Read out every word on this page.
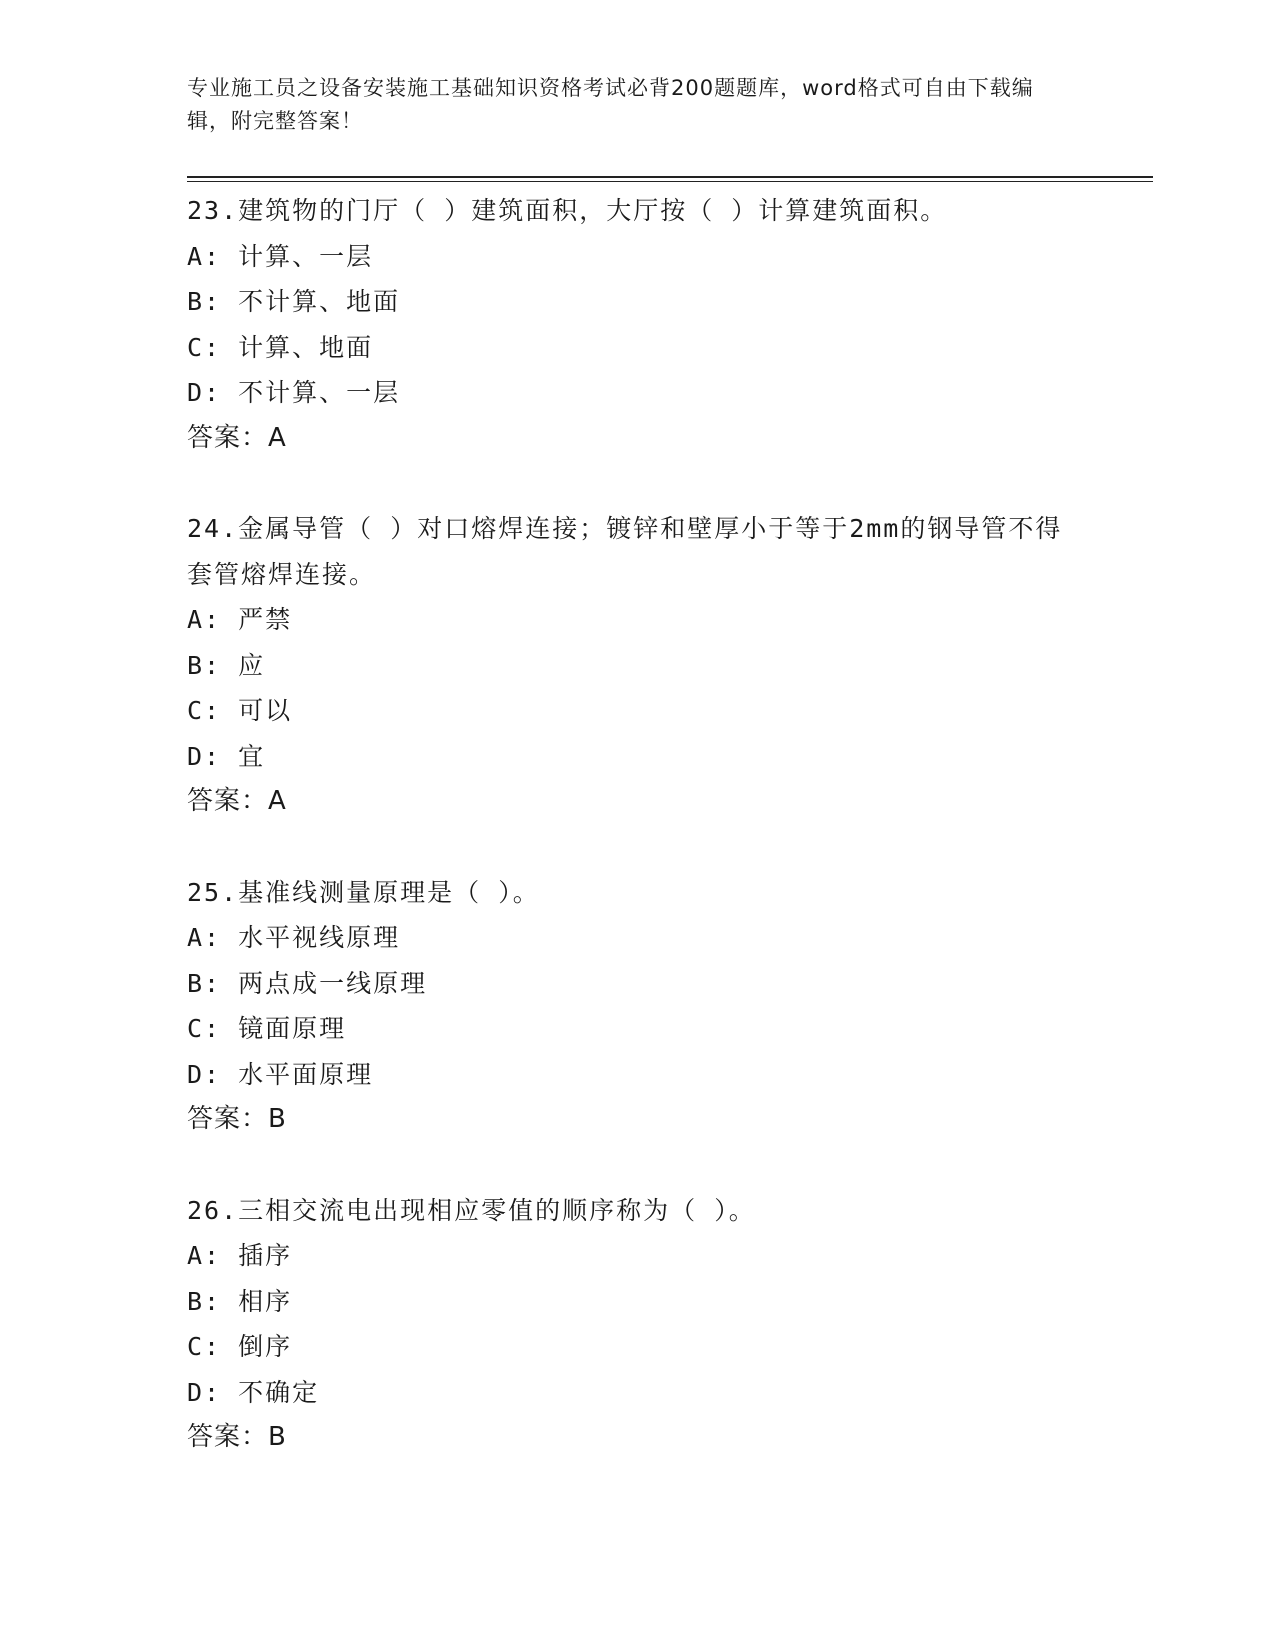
专业施工员之设备安装施工基础知识资格考试必背200题题库，word格式可自由下载编辑，附完整答案！
23.建筑物的门厅（ ）建筑面积，大厅按（ ）计算建筑面积。
A: 计算、一层
B: 不计算、地面
C: 计算、地面
D: 不计算、一层
答案：A
24.金属导管（ ）对口熔焊连接；镀锌和壁厚小于等于2mm的钢导管不得套管熔焊连接。
A: 严禁
B: 应
C: 可以
D: 宜
答案：A
25.基准线测量原理是（ ）。
A: 水平视线原理
B: 两点成一线原理
C: 镜面原理
D: 水平面原理
答案：B
26.三相交流电出现相应零值的顺序称为（ ）。
A: 插序
B: 相序
C: 倒序
D: 不确定
答案：B
